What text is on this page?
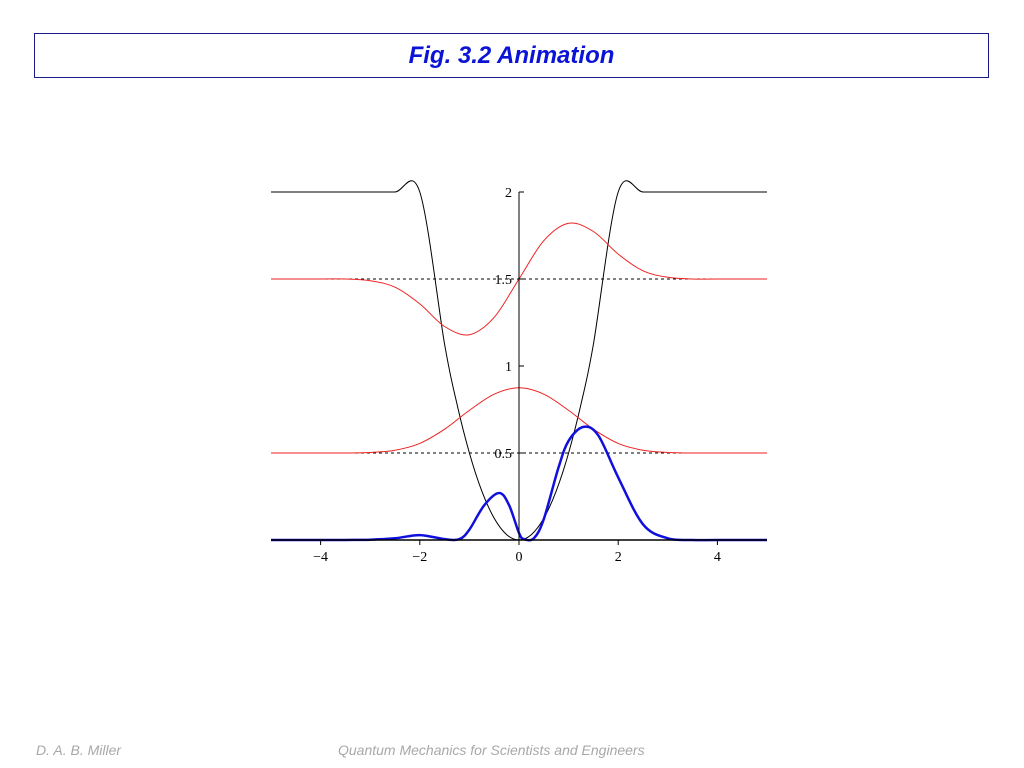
Fig. 3.2 Animation
−4	−2	0	2	4
0.5
1
1.5
2
D. A. B. Miller	Quantum Mechanics for Scientists and Engineers
